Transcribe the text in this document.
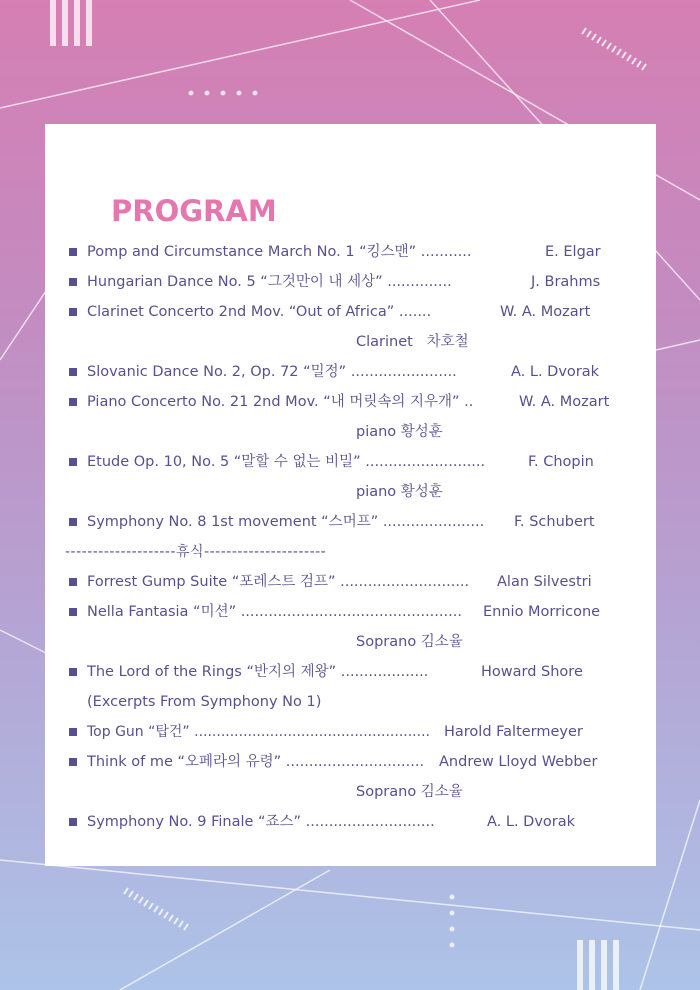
PROGRAM
Pomp and Circumstance March No. 1 “킹스맨” ...........	E. Elgar
Hungarian Dance No. 5 “그것만이 내 세상” ..............	J. Brahms
Clarinet Concerto 2nd Mov. “Out of Africa” .......	W. A. Mozart
Clarinet   차호철
Slovanic Dance No. 2, Op. 72 “밀정” .......................	A. L. Dvorak
Piano Concerto No. 21 2nd Mov. “내 머릿속의 지우개” ..	W. A. Mozart
piano 황성훈
Etude Op. 10, No. 5 “말할 수 없는 비밀” ..........................	F. Chopin
piano 황성훈
Symphony No. 8 1st movement “스머프” ...................... F. Schubert
--------------------휴식----------------------
Forrest Gump Suite “포레스트 검프” ............................ Alan Silvestri
Nella Fantasia “미션” ................................................ Ennio Morricone
Soprano 김소율
The Lord of the Rings “반지의 제왕” ...................	Howard Shore
(Excerpts From Symphony No 1)
Top Gun “탑건” ..................................................... Harold Faltermeyer
Think of me “오페라의 유령” .............................. Andrew Lloyd Webber
Soprano 김소율
Symphony No. 9 Finale “죠스” ............................	A. L. Dvorak
